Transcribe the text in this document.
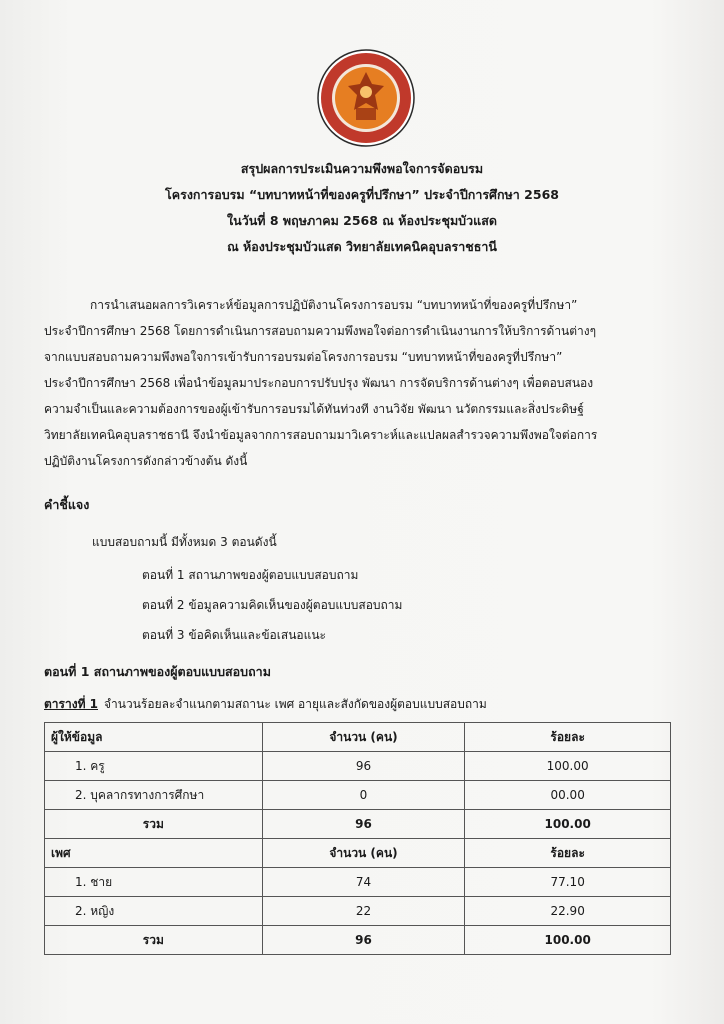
สรุปผลการประเมินความพึงพอใจการจัดอบรม
โครงการอบรม “บทบาทหน้าที่ของครูที่ปรึกษา” ประจำปีการศึกษา 2568
ในวันที่ 8 พฤษภาคม 2568 ณ ห้องประชุมบัวแสด
ณ ห้องประชุมบัวแสด วิทยาลัยเทคนิคอุบลราชธานี
การนำเสนอผลการวิเคราะห์ข้อมูลการปฏิบัติงานโครงการอบรม “บทบาทหน้าที่ของครูที่ปรึกษา”
ประจำปีการศึกษา 2568 โดยการดำเนินการสอบถามความพึงพอใจต่อการดำเนินงานการให้บริการด้านต่างๆ
จากแบบสอบถามความพึงพอใจการเข้ารับการอบรมต่อโครงการอบรม “บทบาทหน้าที่ของครูที่ปรึกษา”
ประจำปีการศึกษา 2568 เพื่อนำข้อมูลมาประกอบการปรับปรุง พัฒนา การจัดบริการด้านต่างๆ เพื่อตอบสนอง
ความจำเป็นและความต้องการของผู้เข้ารับการอบรมได้ทันท่วงที งานวิจัย พัฒนา นวัตกรรมและสิ่งประดิษฐ์
วิทยาลัยเทคนิคอุบลราชธานี จึงนำข้อมูลจากการสอบถามมาวิเคราะห์และแปลผลสำรวจความพึงพอใจต่อการ
ปฏิบัติงานโครงการดังกล่าวข้างต้น ดังนี้
คำชี้แจง
แบบสอบถามนี้ มีทั้งหมด 3 ตอนดังนี้
ตอนที่ 1 สถานภาพของผู้ตอบแบบสอบถาม
ตอนที่ 2 ข้อมูลความคิดเห็นของผู้ตอบแบบสอบถาม
ตอนที่ 3 ข้อคิดเห็นและข้อเสนอแนะ
ตอนที่ 1 สถานภาพของผู้ตอบแบบสอบถาม
ตารางที่ 1 จำนวนร้อยละจำแนกตามสถานะ เพศ อายุและสังกัดของผู้ตอบแบบสอบถาม
ผู้ให้ข้อมูล	จำนวน (คน)	ร้อยละ
1. ครู	96	100.00
2. บุคลากรทางการศึกษา	0	00.00
รวม	96	100.00
เพศ	จำนวน (คน)	ร้อยละ
1. ชาย	74	77.10
2. หญิง	22	22.90
รวม	96	100.00
